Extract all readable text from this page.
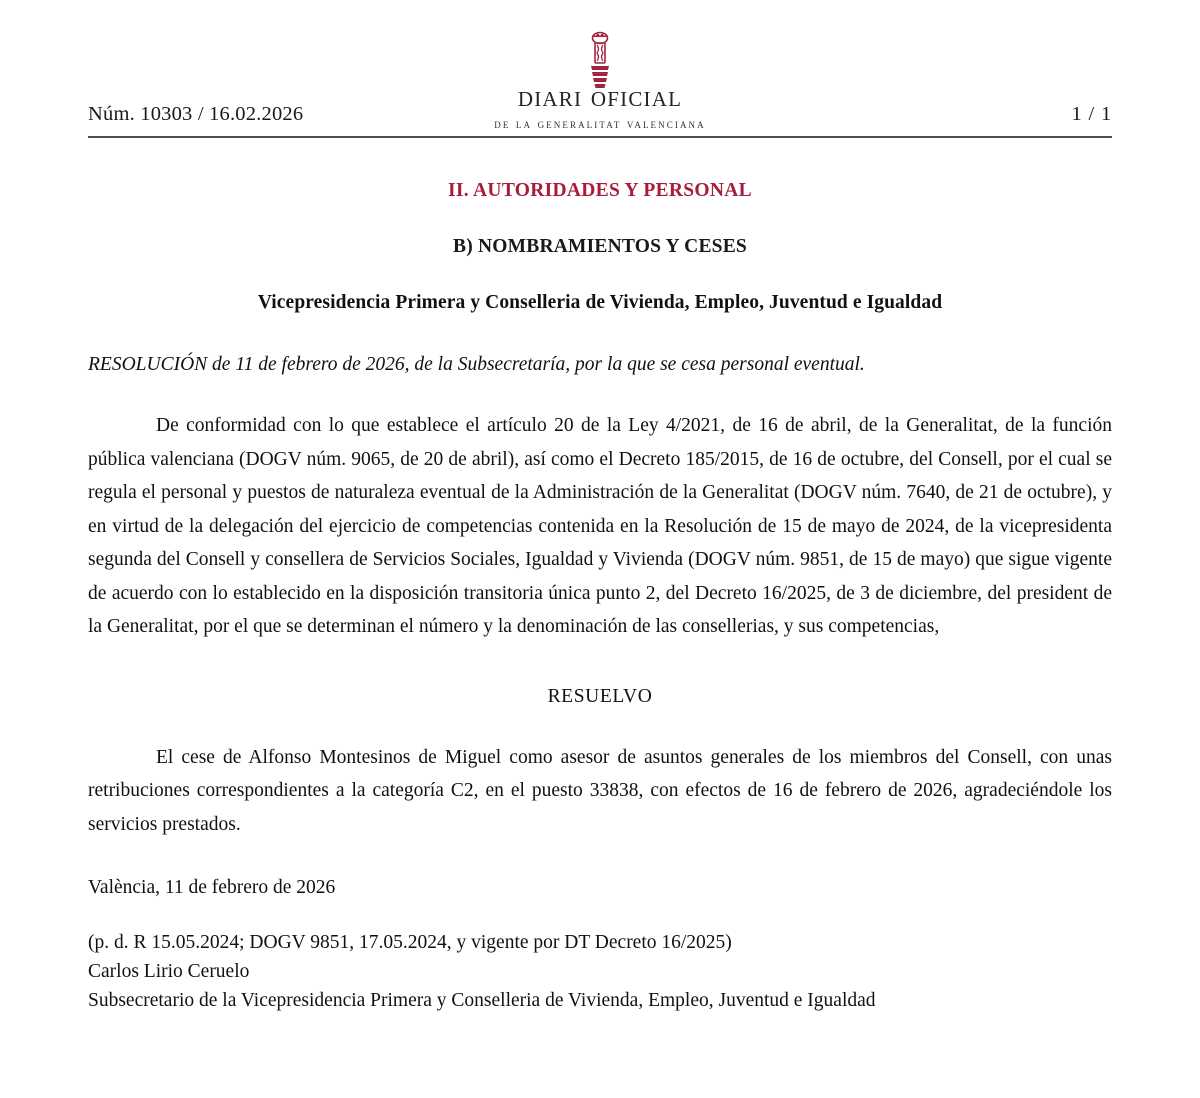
diari oficial
de la generalitat valenciana
Núm. 10303 / 16.02.2026	1 / 1
II. AUTORIDADES Y PERSONAL
B) NOMBRAMIENTOS Y CESES
Vicepresidencia Primera y Conselleria de Vivienda, Empleo, Juventud e Igualdad

RESOLUCIÓN de 11 de febrero de 2026, de la Subsecretaría, por la que se cesa personal eventual.

De conformidad con lo que establece el artículo 20 de la Ley 4/2021, de 16 de abril, de la Generalitat, de la función pública valenciana (DOGV núm. 9065, de 20 de abril), así como el Decreto 185/2015, de 16 de octubre, del Consell, por el cual se regula el personal y puestos de naturaleza eventual de la Administración de la Generalitat (DOGV núm. 7640, de 21 de octubre), y en virtud de la delegación del ejercicio de competencias contenida en la Resolución de 15 de mayo de 2024, de la vicepresidenta segunda del Consell y consellera de Servicios Sociales, Igualdad y Vivienda (DOGV núm. 9851, de 15 de mayo) que sigue vigente de acuerdo con lo establecido en la disposición transitoria única punto 2, del Decreto 16/2025, de 3 de diciembre, del president de la Generalitat, por el que se determinan el número y la denominación de las consellerias, y sus competencias,

RESUELVO

El cese de Alfonso Montesinos de Miguel como asesor de asuntos generales de los miembros del Consell, con unas retribuciones correspondientes a la categoría C2, en el puesto 33838, con efectos de 16 de febrero de 2026, agradeciéndole los servicios prestados.

València, 11 de febrero de 2026

(p. d. R 15.05.2024; DOGV 9851, 17.05.2024, y vigente por DT Decreto 16/2025)
Carlos Lirio Ceruelo
Subsecretario de la Vicepresidencia Primera y Conselleria de Vivienda, Empleo, Juventud e Igualdad
